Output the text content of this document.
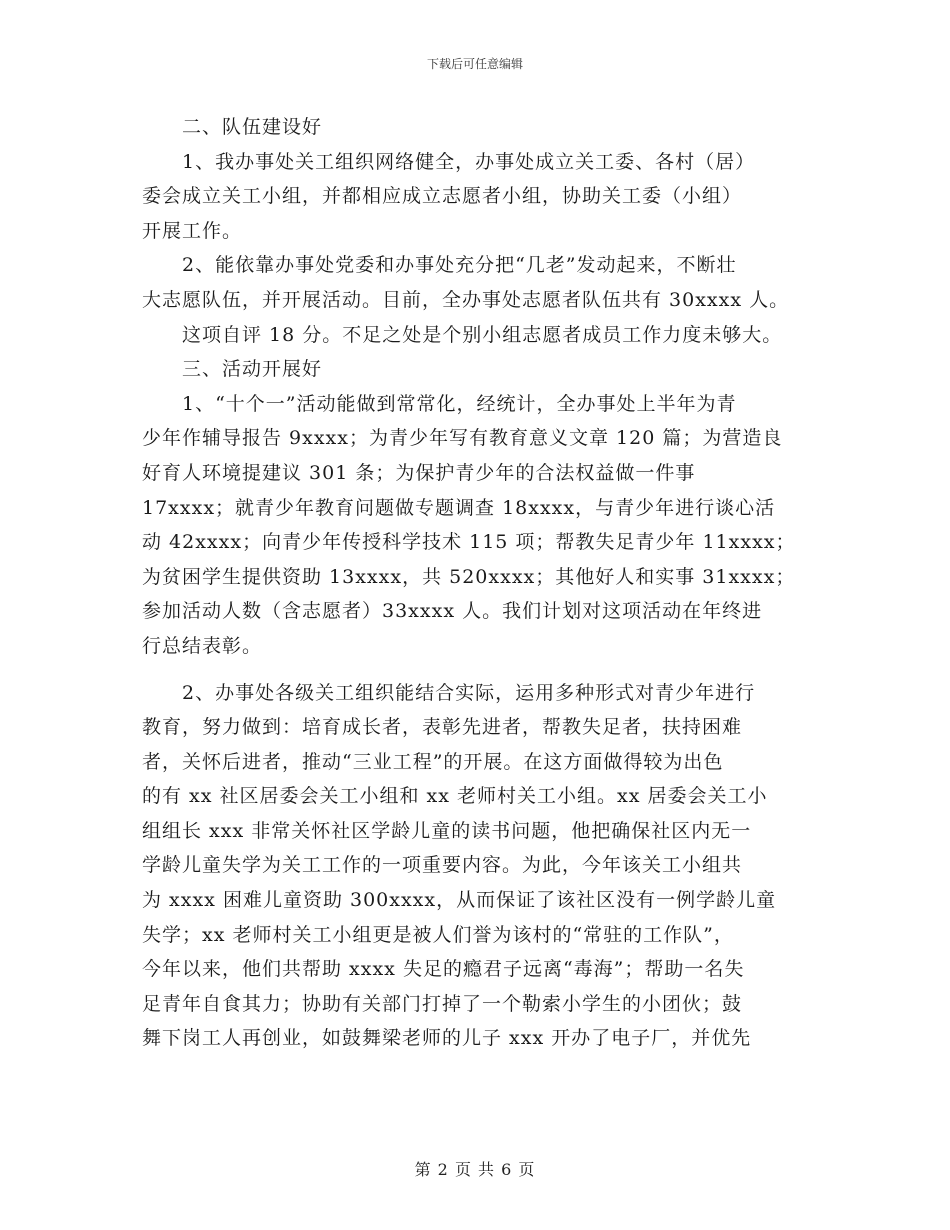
下载后可任意编辑
　　二、队伍建设好
　　1、我办事处关工组织网络健全，办事处成立关工委、各村（居）
委会成立关工小组，并都相应成立志愿者小组，协助关工委（小组）
开展工作。
　　2、能依靠办事处党委和办事处充分把“几老”发动起来，不断壮
大志愿队伍，并开展活动。目前，全办事处志愿者队伍共有 30xxxx 人。
　　这项自评 18 分。不足之处是个别小组志愿者成员工作力度未够大。
　　三、活动开展好
　　1、“十个一”活动能做到常常化，经统计，全办事处上半年为青
少年作辅导报告 9xxxx；为青少年写有教育意义文章 120 篇；为营造良
好育人环境提建议 301 条；为保护青少年的合法权益做一件事
17xxxx；就青少年教育问题做专题调查 18xxxx，与青少年进行谈心活
动 42xxxx；向青少年传授科学技术 115 项；帮教失足青少年 11xxxx；
为贫困学生提供资助 13xxxx，共 520xxxx；其他好人和实事 31xxxx；
参加活动人数（含志愿者）33xxxx 人。我们计划对这项活动在年终进
行总结表彰。
　　2、办事处各级关工组织能结合实际，运用多种形式对青少年进行
教育，努力做到：培育成长者，表彰先进者，帮教失足者，扶持困难
者，关怀后进者，推动“三业工程”的开展。在这方面做得较为出色
的有 xx 社区居委会关工小组和 xx 老师村关工小组。xx 居委会关工小
组组长 xxx 非常关怀社区学龄儿童的读书问题，他把确保社区内无一
学龄儿童失学为关工工作的一项重要内容。为此，今年该关工小组共
为 xxxx 困难儿童资助 300xxxx，从而保证了该社区没有一例学龄儿童
失学；xx 老师村关工小组更是被人们誉为该村的“常驻的工作队”，
今年以来，他们共帮助 xxxx 失足的瘾君子远离“毒海”；帮助一名失
足青年自食其力；协助有关部门打掉了一个勒索小学生的小团伙；鼓
舞下岗工人再创业，如鼓舞梁老师的儿子 xxx 开办了电子厂，并优先
第 2 页 共 6 页
